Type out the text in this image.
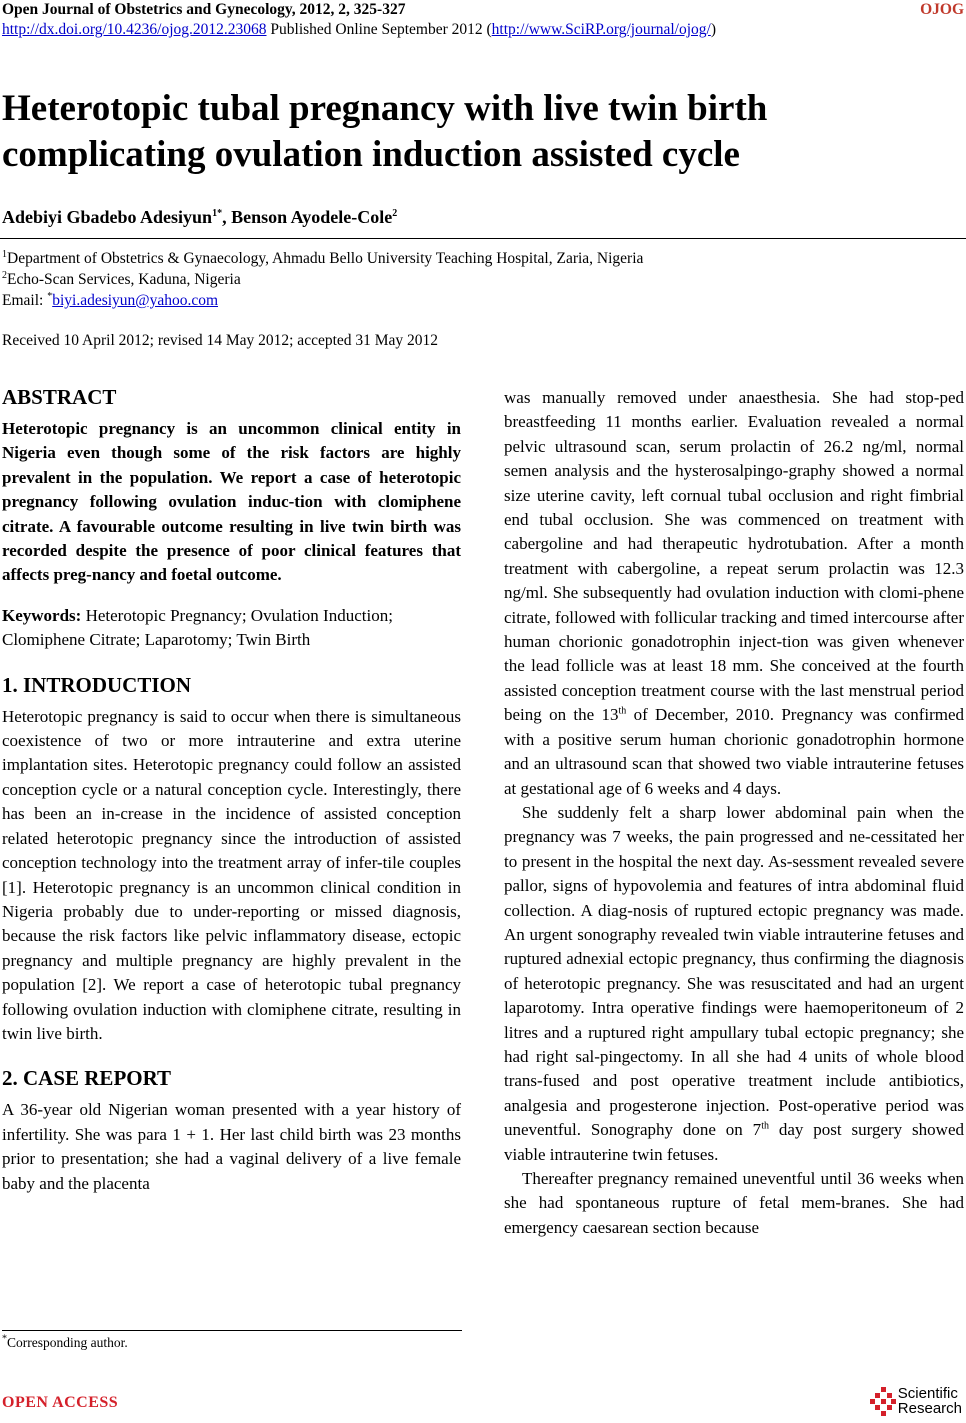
Open Journal of Obstetrics and Gynecology, 2012, 2, 325-327
http://dx.doi.org/10.4236/ojog.2012.23068 Published Online September 2012 (http://www.SciRP.org/journal/ojog/)
OJOG
Heterotopic tubal pregnancy with live twin birth
complicating ovulation induction assisted cycle
Adebiyi Gbadebo Adesiyun$^{1*}$, Benson Ayodele-Cole$^2$
$^1$Department of Obstetrics & Gynaecology, Ahmadu Bello University Teaching Hospital, Zaria, Nigeria
$^2$Echo-Scan Services, Kaduna, Nigeria
Email: *biyi.adesiyun@yahoo.com
Received 10 April 2012; revised 14 May 2012; accepted 31 May 2012
ABSTRACT

Heterotopic pregnancy is an uncommon clinical entity in Nigeria even though some of the risk factors are highly prevalent in the population. We report a case of heterotopic pregnancy following ovulation induc-tion with clomiphene citrate. A favourable outcome resulting in live twin birth was recorded despite the presence of poor clinical features that affects preg-nancy and foetal outcome.

Keywords: Heterotopic Pregnancy; Ovulation Induction; Clomiphene Citrate; Laparotomy; Twin Birth

1. INTRODUCTION

Heterotopic pregnancy is said to occur when there is simultaneous coexistence of two or more intrauterine and extra uterine implantation sites. Heterotopic pregnancy could follow an assisted conception cycle or a natural conception cycle. Interestingly, there has been an in-crease in the incidence of assisted conception related heterotopic pregnancy since the introduction of assisted conception technology into the treatment array of infer-tile couples [1]. Heterotopic pregnancy is an uncommon clinical condition in Nigeria probably due to under-reporting or missed diagnosis, because the risk factors like pelvic inflammatory disease, ectopic pregnancy and multiple pregnancy are highly prevalent in the population [2]. We report a case of heterotopic tubal pregnancy following ovulation induction with clomiphene citrate, resulting in twin live birth.

2. CASE REPORT

A 36-year old Nigerian woman presented with a year history of infertility. She was para 1 + 1. Her last child birth was 23 months prior to presentation; she had a vaginal delivery of a live female baby and the placenta

was manually removed under anaesthesia. She had stop-ped breastfeeding 11 months earlier. Evaluation revealed a normal pelvic ultrasound scan, serum prolactin of 26.2 ng/ml, normal semen analysis and the hysterosalpingo-graphy showed a normal size uterine cavity, left cornual tubal occlusion and right fimbrial end tubal occlusion. She was commenced on treatment with cabergoline and had therapeutic hydrotubation. After a month treatment with cabergoline, a repeat serum prolactin was 12.3 ng/ml. She subsequently had ovulation induction with clomi-phene citrate, followed with follicular tracking and timed intercourse after human chorionic gonadotrophin inject-tion was given whenever the lead follicle was at least 18 mm. She conceived at the fourth assisted conception treatment course with the last menstrual period being on the 13th of December, 2010. Pregnancy was confirmed with a positive serum human chorionic gonadotrophin hormone and an ultrasound scan that showed two viable intrauterine fetuses at gestational age of 6 weeks and 4 days.

She suddenly felt a sharp lower abdominal pain when the pregnancy was 7 weeks, the pain progressed and ne-cessitated her to present in the hospital the next day. As-sessment revealed severe pallor, signs of hypovolemia and features of intra abdominal fluid collection. A diag-nosis of ruptured ectopic pregnancy was made. An urgent sonography revealed twin viable intrauterine fetuses and ruptured adnexial ectopic pregnancy, thus confirming the diagnosis of heterotopic pregnancy. She was resuscitated and had an urgent laparotomy. Intra operative findings were haemoperitoneum of 2 litres and a ruptured right ampullary tubal ectopic pregnancy; she had right sal-pingectomy. In all she had 4 units of whole blood trans-fused and post operative treatment include antibiotics, analgesia and progesterone injection. Post-operative period was uneventful. Sonography done on 7th day post surgery showed viable intrauterine twin fetuses.

Thereafter pregnancy remained uneventful until 36 weeks when she had spontaneous rupture of fetal mem-branes. She had emergency caesarean section because

*Corresponding author.
OPEN ACCESS
Scientific
Research
